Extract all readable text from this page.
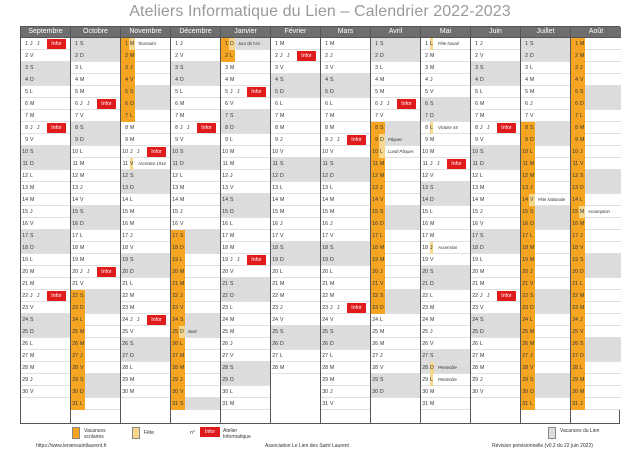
Ateliers Informatique du Lien – Calendrier 2022-2023
Septembre
1 J J	Infor
2 V
3 S
4 D
5 L
6 M
7 M
8 J J	Infor
9 V
10 S
11 D
12 L
13 M
14 M
15 J
16 V
17 S
18 D
19 L
20 M
21 M
22 J J	Infor
23 V
24 S
25 D
26 L
27 M
28 M
29 J
30 V
Octobre
1 S
2 D
3 L
4 M
5 M
6 J J	Infor
7 V
8 S
9 D
10 L
11 M
12 M
13 J
14 V
15 S
16 D
17 L
18 M
19 M
20 J J	Infor
21 V
22 S
23 D
24 L
25 M
26 M
27 J
28 V
29 S
30 D
31 L
Novembre
1 M Toussaint
2 M
3 J
4 V
5 S
6 D
7 L
8 M
9 M
10 J J	Infor
11 V Armistice 1918
12 S
13 D
14 L
15 M
16 M
17 J
18 V
19 S
20 D
21 L
22 M
23 M
24 J J	Infor
25 V
26 S
27 D
28 L
29 M
30 M
Décembre
1 J
2 V
3 S
4 D
5 L
6 M
7 M
8 J J	Infor
9 V
10 S
11 D
12 L
13 M
14 M
15 J
16 V
17 S
18 D
19 L
20 M
21 M
22 J
23 V
24 S
25 D Noël
26 L
27 M
28 M
29 J
30 V
31 S
Janvier
1 D Jour de l'An
2 L
3 M
4 M
5 J J	Infor
6 V
7 S
8 D
9 L
10 M
11 M
12 J
13 V
14 S
15 D
16 L
17 M
18 M
19 J J	Infor
20 V
21 S
22 D
23 L
24 M
25 M
26 J
27 V
28 S
29 D
30 L
31 M
Février
1 M
2 J J	Infor
3 V
4 S
5 D
6 L
7 M
8 M
9 J
10 V
11 S
12 D
13 L
14 M
15 M
16 J
17 V
18 S
19 D
20 L
21 M
22 M
23 J
24 V
25 S
26 D
27 L
28 M
Mars
1 M
2 J
3 V
4 S
5 D
6 L
7 M
8 M
9 J J	Infor
10 V
11 S
12 D
13 L
14 M
15 M
16 J
17 V
18 S
19 D
20 L
21 M
22 M
23 J J	Infor
24 V
25 S
26 D
27 L
28 M
29 M
30 J
31 V
Avril
1 S
2 D
3 L
4 M
5 M
6 J J	Infor
7 V
8 S
9 D Pâques
10 L	Lundi Pâques
11 M
12 M
13 J
14 V
15 S
16 D
17 L
18 M
19 M
20 J
21 V
22 S
23 D
24 L
25 M
26 M
27 J
28 V
29 S
30 D
Mai
1 L Fête travail
2 M
3 M
4 J
5 V
6 S
7 D
8 L Victoire 45
9 M
10 M
11 J J	Infor
12 V
13 S
14 D
15 L
16 M
17 M
18 J Ascension
19 V
20 S
21 D
22 L
23 M
24 M
25 J
26 V
27 S
28 D Pentecôte
29 L Pentecôte
30 M
31 M
Juin
1 J
2 V
3 S
4 D
5 L
6 M
7 M
8 J J	Infor
9 V
10 S
11 D
12 L
13 M
14 M
15 J
16 V
17 S
18 D
19 L
20 M
21 M
22 J J	Infor
23 V
24 S
25 D
26 L
27 M
28 M
29 J
30 V
Juillet
1 S
2 D
3 L
4 M
5 M
6 J
7 V
8 S
9 D
10 L
11 M
12 M
13 J
14 V	Fête Nationale
15 S
16 D
17 L
18 M
19 M
20 J
21 V
22 S
23 D
24 L
25 M
26 M
27 J
28 V
29 S
30 D
31 L
Août
1 M
2 M
3 J
4 V
5 S
6 D
7 L
8 M
9 M
10 J
11 V
12 S
13 D
14 L
15 M Assomption
16 M
17 J
18 V
19 S
20 D
21 L
22 M
23 M
24 J
25 V
26 S
27 D
28 L
29 M
30 M
31 J
Vacances scolaires
Fête	n°	Infor	Atelier Informatique
Vacances du Lien
https://www.leniensaintlaurent.fr	Association Le Lien des Saint Laurent	Révision prévisionnelle (v0.2 du 22 juin 2022)
